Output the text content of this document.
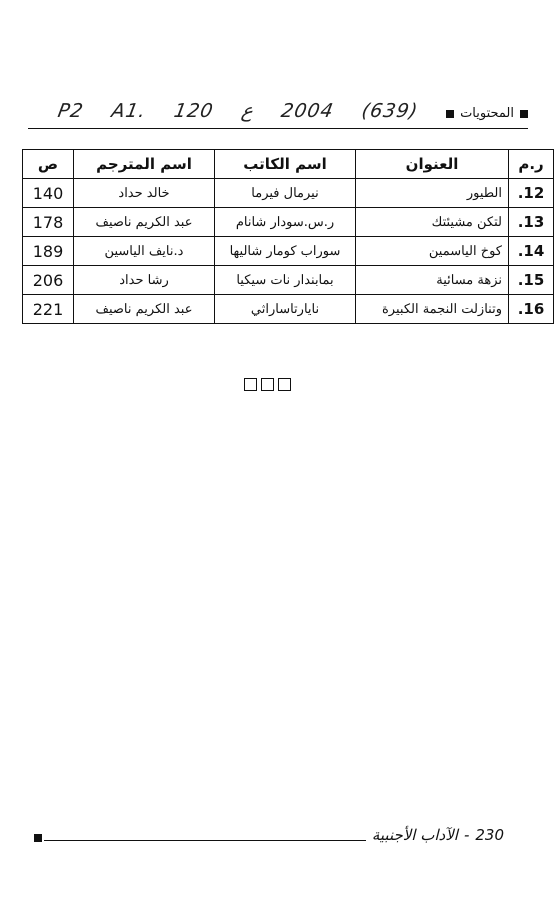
P2 A1. 120 ع 2004 (639)	المحتويات
ر.م	العنوان	اسم الكاتب	اسم المترجم	ص
12.	الطيور	نيرمال فيرما	خالد حداد	140
13.	لتكن مشيئتك	ر.س.سودار شانام	عبد الكريم ناصيف	178
14.	كوخ الياسمين	سوراب كومار شاليها	د.نايف الياسين	189
15.	نزهة مسائية	بمابندار نات سيكيا	رشا حداد	206
16.	وتنازلت النجمة الكبيرة	نايارتاساراثي	عبد الكريم ناصيف	221
230
-
الآداب الأجنبية
